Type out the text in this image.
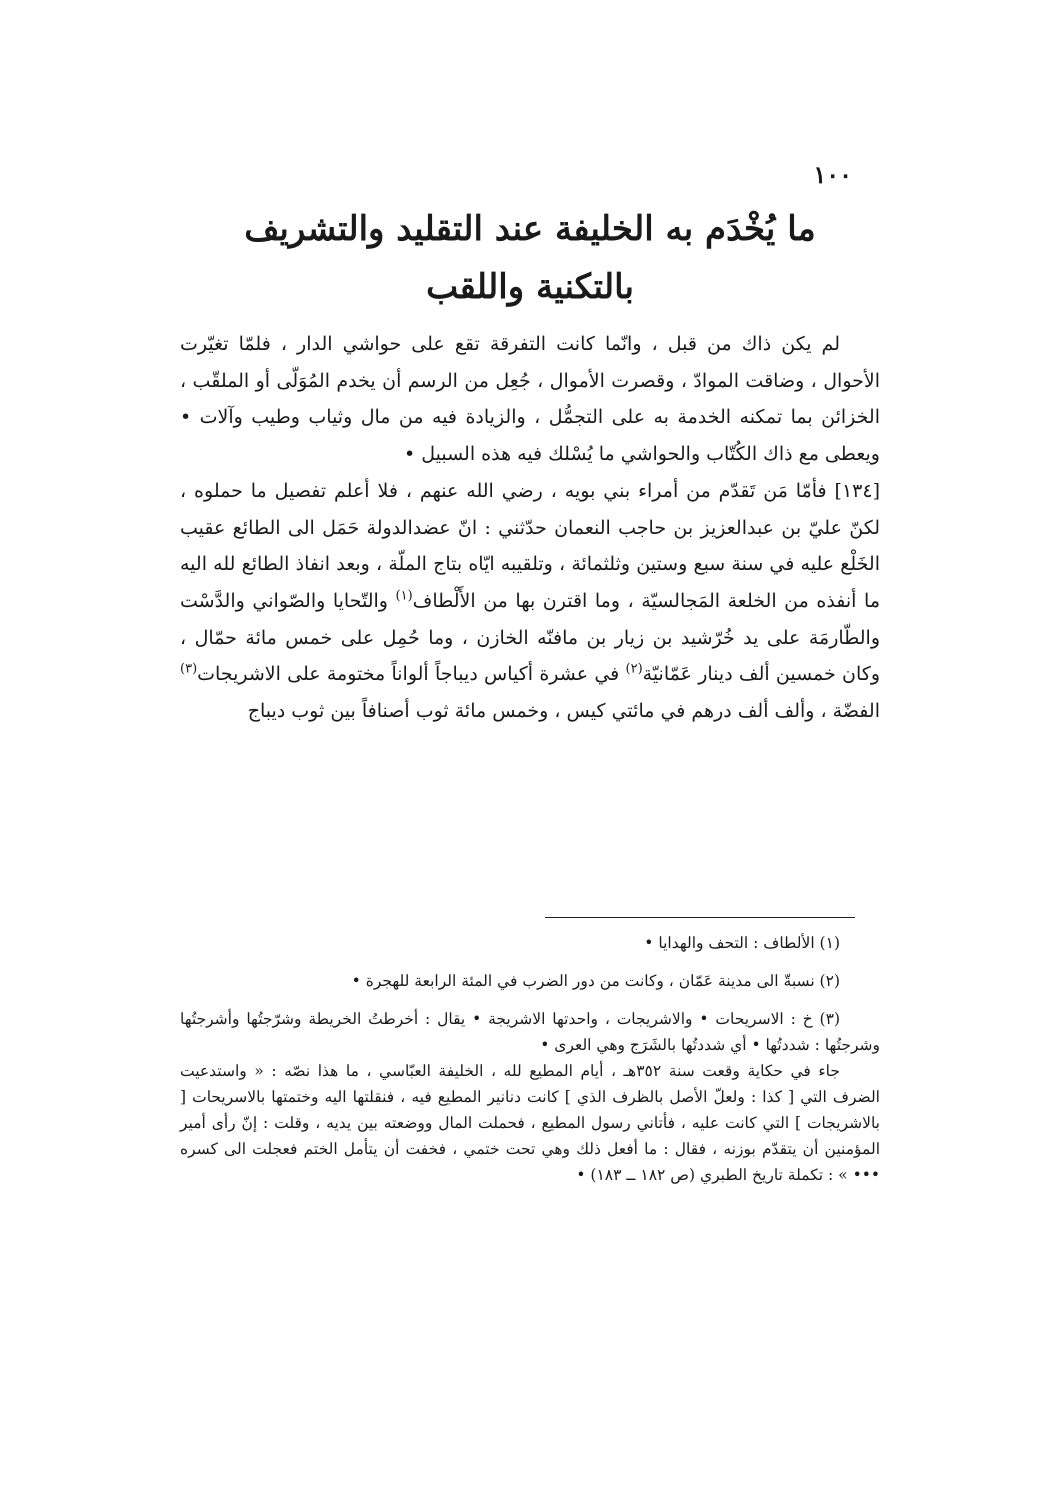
١٠٠

ما يُخْدَم به الخليفة عند التقليد والتشريف

بالتكنية واللقب

لم يكن ذاك من قبل ، وانّما كانت التفرقة تقع على حواشي الدار ، فلمّا تغيّرت الأحوال ، وضاقت الموادّ ، وقصرت الأموال ، جُعِل من الرسم أن يخدم المُوَلّى أو الملقّب ، الخزائن بما تمكنه الخدمة به على التجمُّل ، والزيادة فيه من مال وثياب وطيب وآلات • ويعطى مع ذاك الكُتّاب والحواشي ما يُسْلك فيه هذه السبيل •

[١٣٤] فأمّا مَن تَقدّم من أمراء بني بويه ، رضي الله عنهم ، فلا أعلم تفصيل ما حملوه ، لكنّ عليّ بن عبدالعزيز بن حاجب النعمان حدّثني : انّ عضدالدولة حَمَل الى الطائع عقيب الخَلْع عليه في سنة سبع وستين وثلثمائة ، وتلقيبه ايّاه بتاج الملّة ، وبعد انفاذ الطائع لله اليه ما أنفذه من الخلعة المَجالسيّة ، وما اقترن بها من الأَلْطاف$^{(١)}$ والتّحايا والصّواني والدَّسْت والطّارمَة على يد خُرّشيد بن زيار بن مافنّه الخازن ، وما حُمِل على خمس مائة حمّال ، وكان خمسين ألف دينار عَمّانيّة$^{(٢)}$ في عشرة أكياس ديباجاً ألواناً مختومة على الاشريجات$^{(٣)}$ الفضّة ، وألف ألف درهم في مائتي كيس ، وخمس مائة ثوب أصنافاً بين ثوب ديباج

(١) الألطاف : التحف والهدايا •

(٢) نسبةّ الى مدينة عَمّان ، وكانت من دور الضرب في المئة الرابعة للهجرة •

(٣) خ : الاسريحات • والاشريجات ، واحدتها الاشريجة • يقال : أخرطتُ الخريطة وشرّجتُها وأشرجتُها وشرجتُها : شددتُها • أي شددتُها بالشَرَج وهي العرى •

جاء في حكاية وقعت سنة ٣٥٢هـ ، أيام المطيع لله ، الخليفة العبّاسي ، ما هذا نصّه : « واستدعيت الضرف التي [ كذا : ولعلّ الأصل بالظرف الذي ] كانت دنانير المطيع فيه ، فنقلتها اليه وختمتها بالاسريحات [ بالاشريجات ] التي كانت عليه ، فأتاني رسول المطيع ، فحملت المال ووضعته بين يديه ، وقلت : إنّ رأى أمير المؤمنين أن يتقدّم بوزنه ، فقال : ما أفعل ذلك وهي تحت ختمي ، فخفت أن يتأمل الختم فعجلت الى كسره ••• » : تكملة تاريخ الطبري (ص ١٨٢ ــ ١٨٣) •
